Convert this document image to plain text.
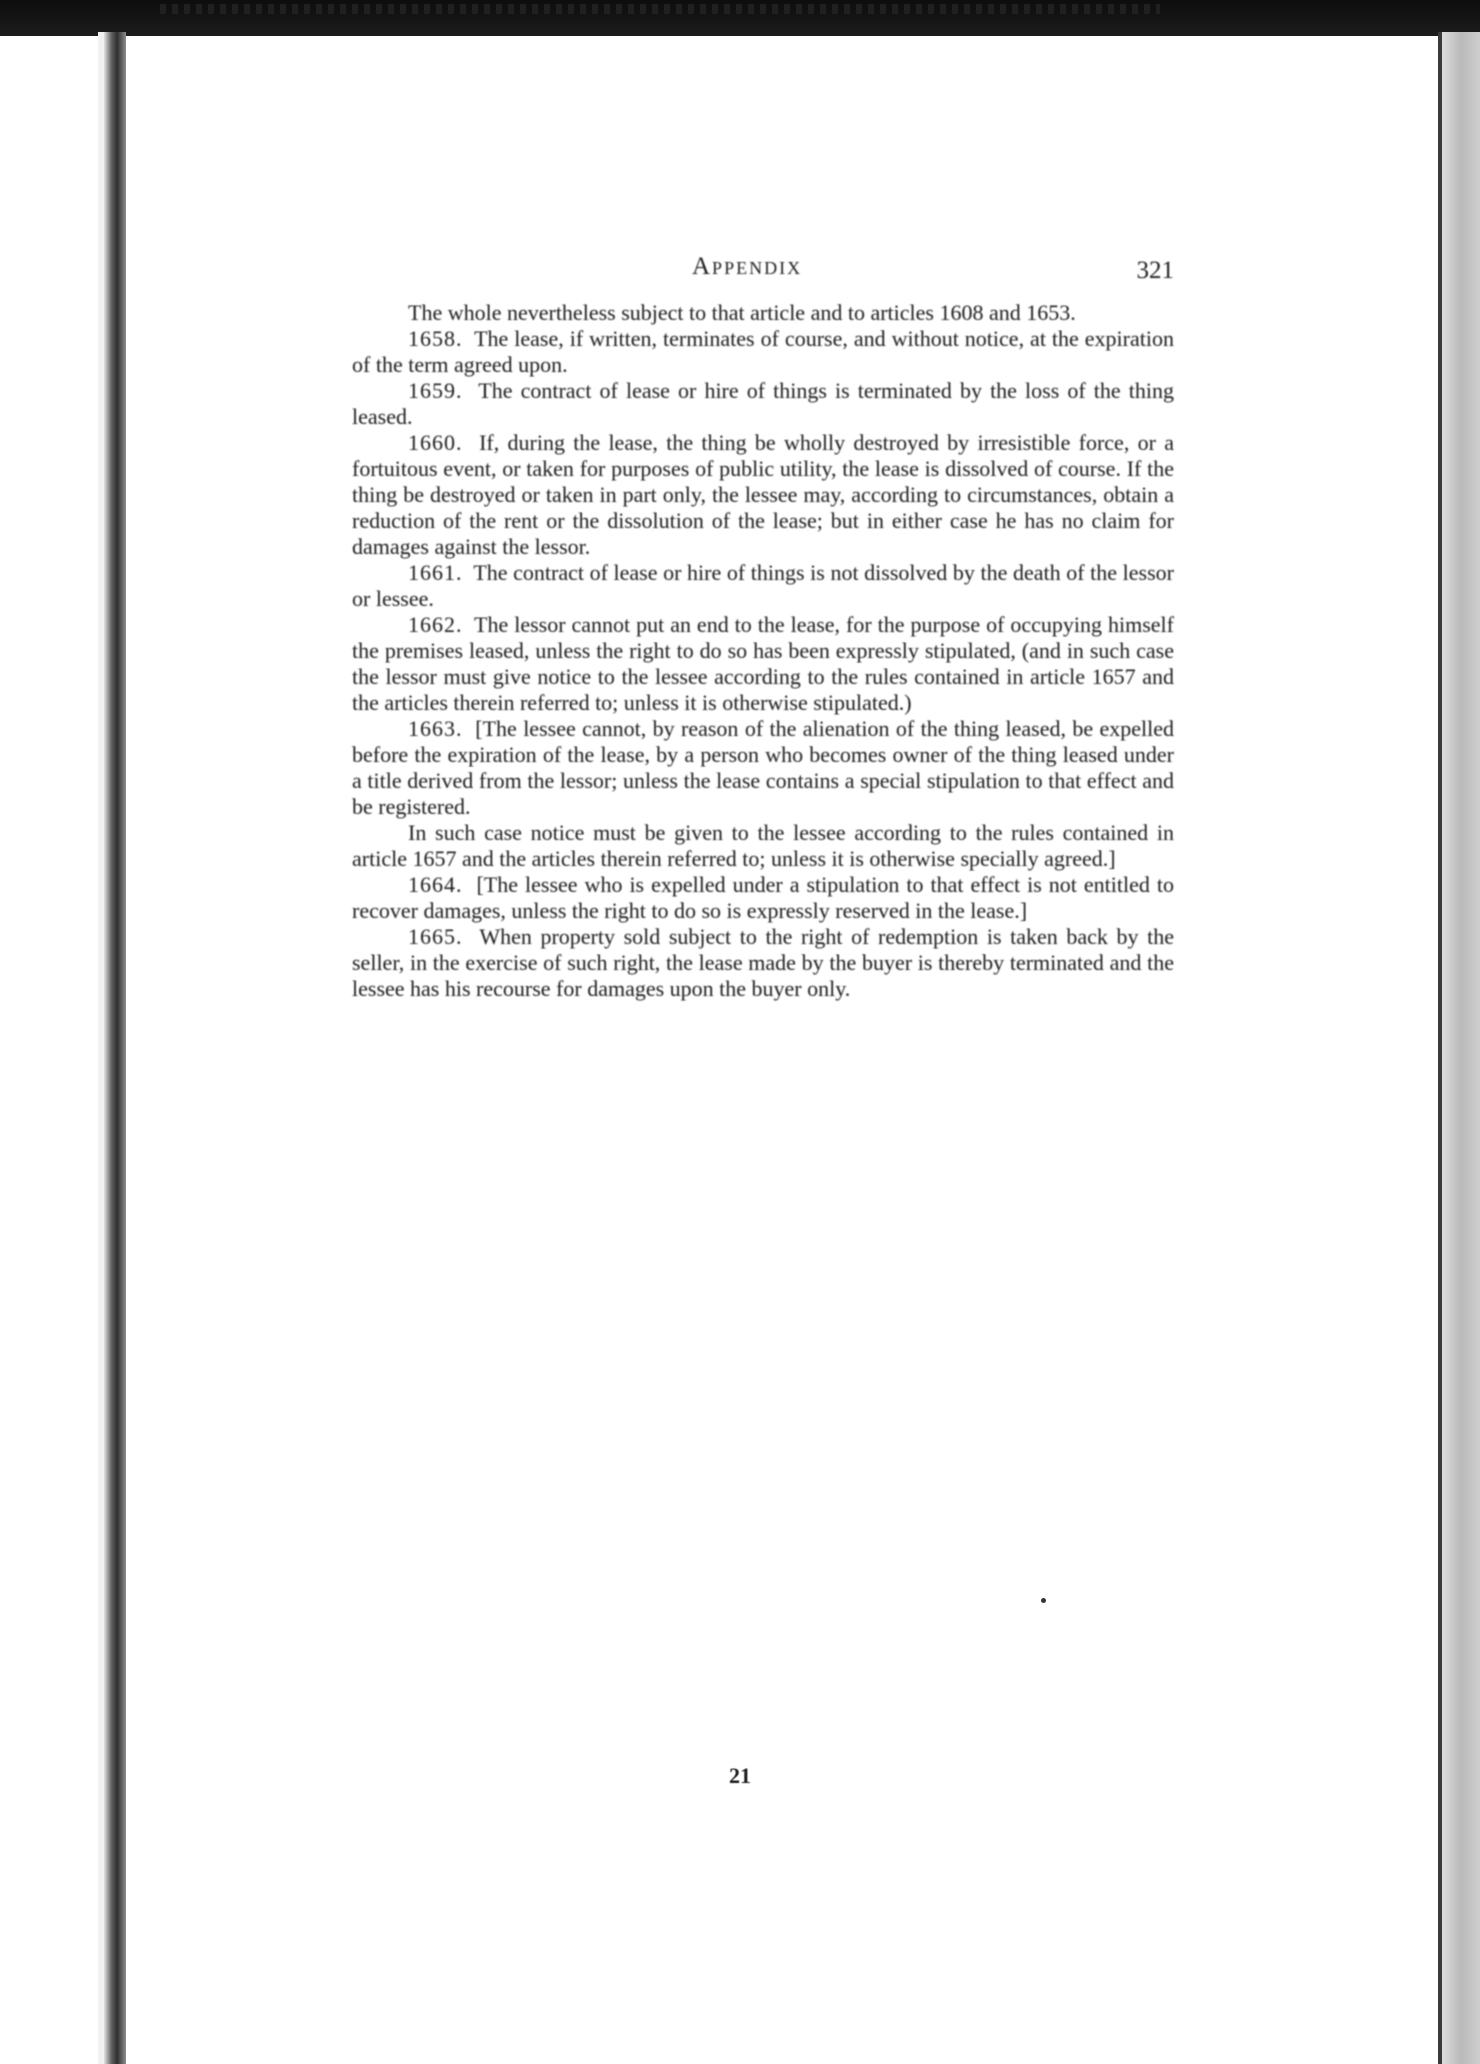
Appendix	321

The whole nevertheless subject to that article and to articles 1608 and 1653.

1658. The lease, if written, terminates of course, and without notice, at the expiration of the term agreed upon.

1659. The contract of lease or hire of things is terminated by the loss of the thing leased.

1660. If, during the lease, the thing be wholly destroyed by irresistible force, or a fortuitous event, or taken for purposes of public utility, the lease is dissolved of course. If the thing be destroyed or taken in part only, the lessee may, according to circumstances, obtain a reduction of the rent or the dissolution of the lease; but in either case he has no claim for damages against the lessor.

1661. The contract of lease or hire of things is not dissolved by the death of the lessor or lessee.

1662. The lessor cannot put an end to the lease, for the purpose of occupying himself the premises leased, unless the right to do so has been expressly stipulated, (and in such case the lessor must give notice to the lessee according to the rules contained in article 1657 and the articles therein referred to; unless it is otherwise stipulated.)

1663. [The lessee cannot, by reason of the alienation of the thing leased, be expelled before the expiration of the lease, by a person who becomes owner of the thing leased under a title derived from the lessor; unless the lease contains a special stipulation to that effect and be registered.

In such case notice must be given to the lessee according to the rules contained in article 1657 and the articles therein referred to; unless it is otherwise specially agreed.]

1664. [The lessee who is expelled under a stipulation to that effect is not entitled to recover damages, unless the right to do so is expressly reserved in the lease.]

1665. When property sold subject to the right of redemption is taken back by the seller, in the exercise of such right, the lease made by the buyer is thereby terminated and the lessee has his recourse for damages upon the buyer only.

21
